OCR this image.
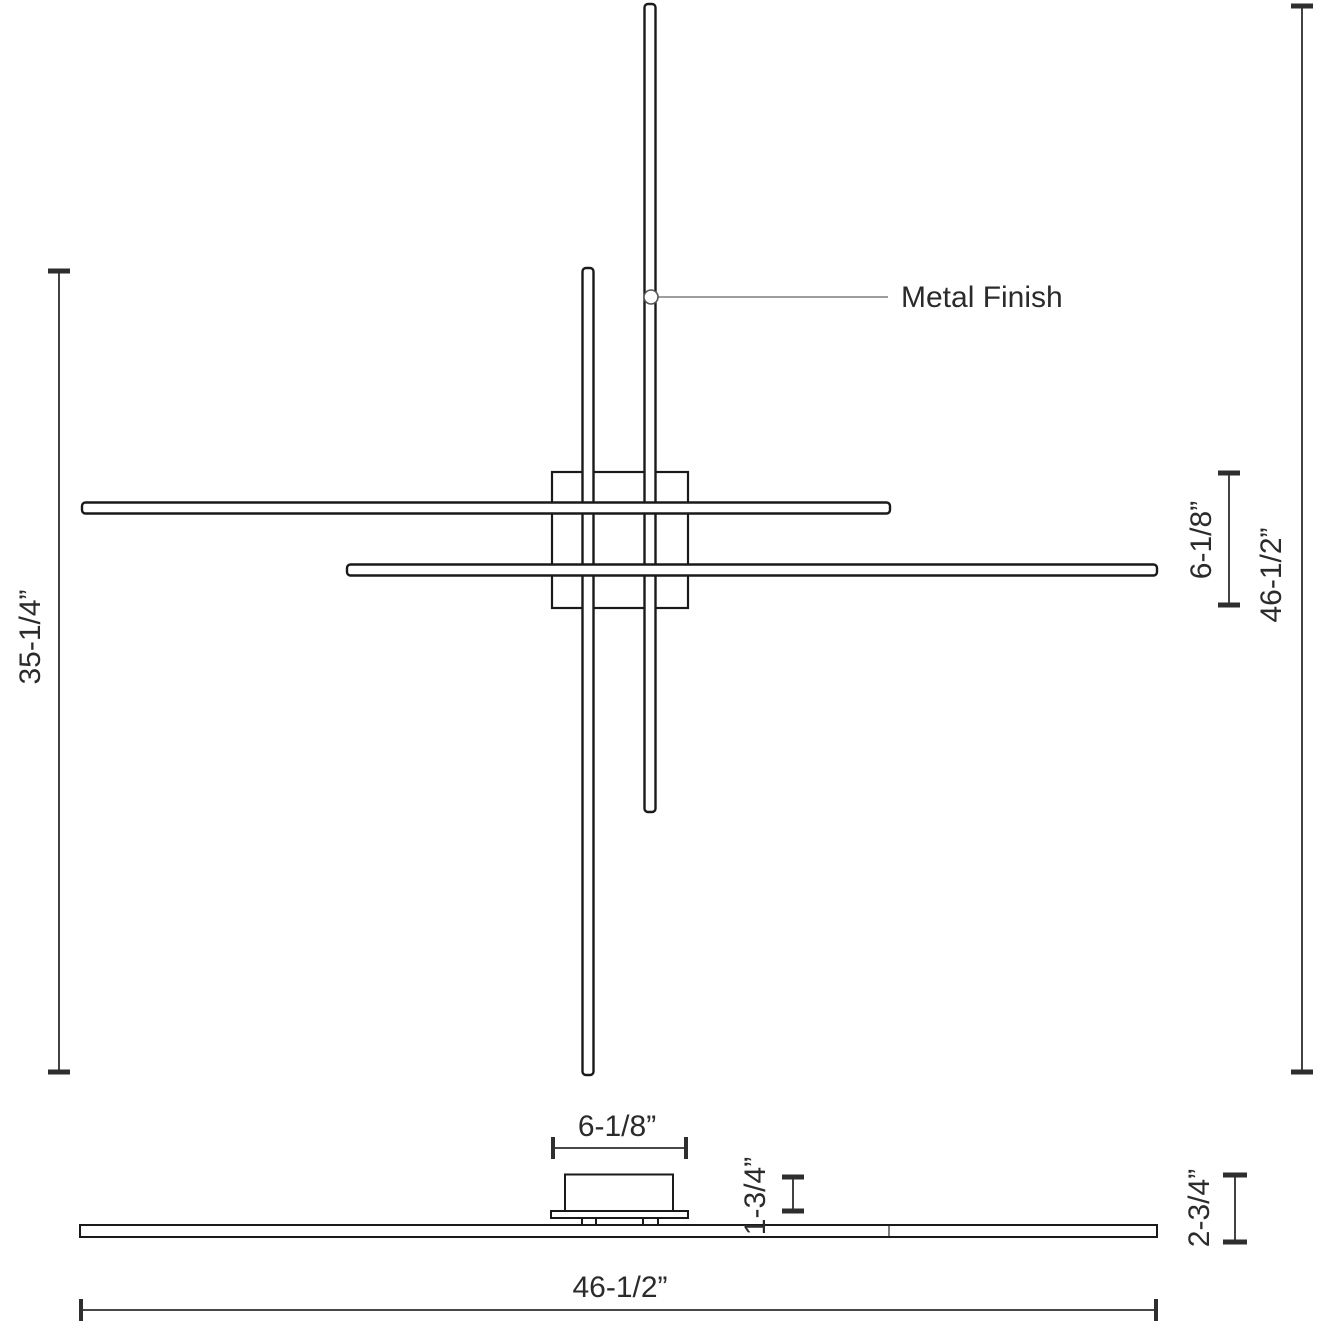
Metal Finish
35-1/4”
6-1/8” 46-1/2”
6-1/8”
1-3/4”	2-3/4”
46-1/2”
